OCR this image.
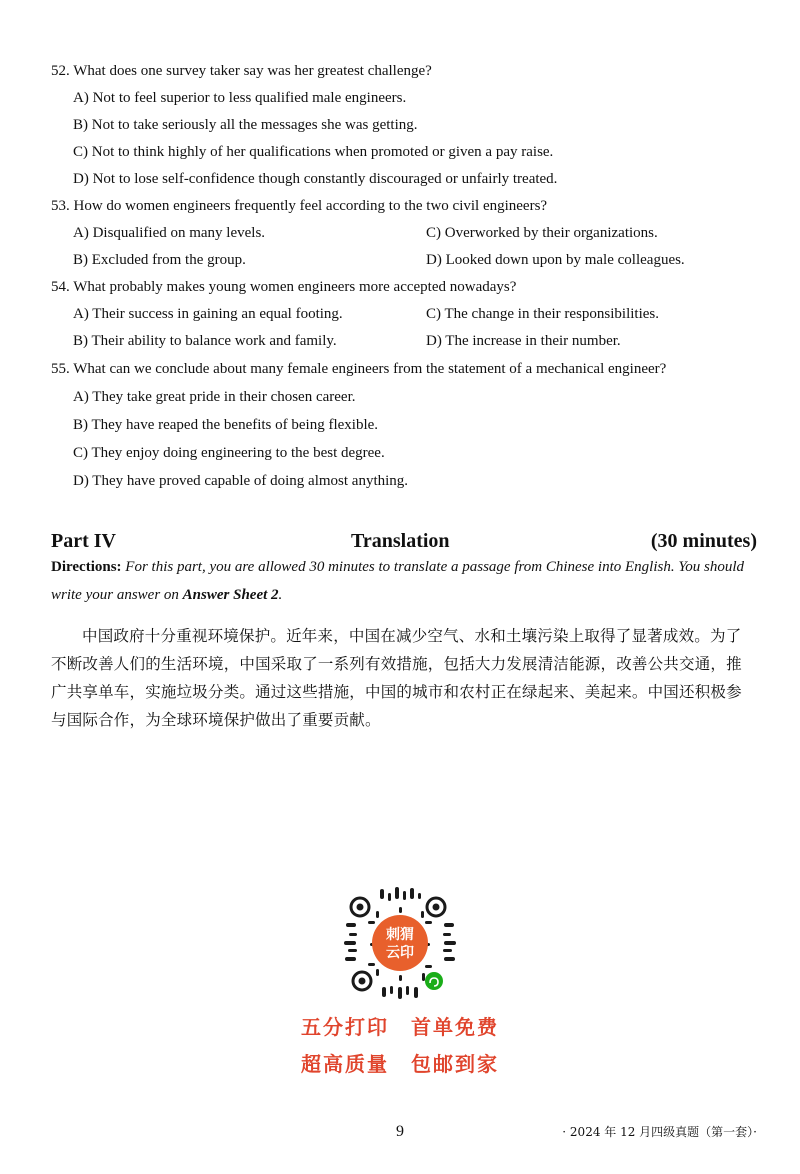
52. What does one survey taker say was her greatest challenge?
A) Not to feel superior to less qualified male engineers.
B) Not to take seriously all the messages she was getting.
C) Not to think highly of her qualifications when promoted or given a pay raise.
D) Not to lose self-confidence though constantly discouraged or unfairly treated.
53. How do women engineers frequently feel according to the two civil engineers?
A) Disqualified on many levels.	C) Overworked by their organizations.
B) Excluded from the group.	D) Looked down upon by male colleagues.
54. What probably makes young women engineers more accepted nowadays?
A) Their success in gaining an equal footing.	C) The change in their responsibilities.
B) Their ability to balance work and family.	D) The increase in their number.
55. What can we conclude about many female engineers from the statement of a mechanical engineer?
A) They take great pride in their chosen career.
B) They have reaped the benefits of being flexible.
C) They enjoy doing engineering to the best degree.
D) They have proved capable of doing almost anything.
Part IV	Translation	(30 minutes)
Directions: For this part, you are allowed 30 minutes to translate a passage from Chinese into English. You should write your answer on Answer Sheet 2.
中国政府十分重视环境保护。近年来，中国在减少空气、水和土壤污染上取得了显著成效。为了不断改善人们的生活环境，中国采取了一系列有效措施，包括大力发展清洁能源，改善公共交通，推广共享单车，实施垃圾分类。通过这些措施，中国的城市和农村正在绿起来、美起来。中国还积极参与国际合作，为全球环境保护做出了重要贡献。
刺猬
云印
五分打印　首单免费
超高质量　包邮到家
9	· 2024 年 12 月四级真题（第一套）·
